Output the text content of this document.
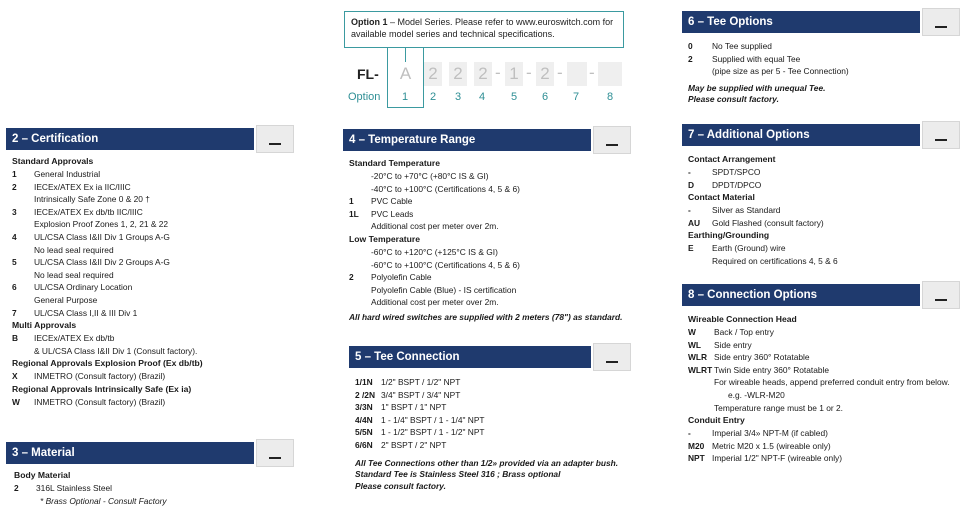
Option 1 – Model Series. Please refer to www.euroswitch.com for available model series and technical specifications.
FL-	A	2 2 2 - 1 - 2 - -
Option	1	2	3	4	5	6	7	8
2 – Certification
Standard Approvals
1 General Industrial
2 IECEx/ATEX Ex ia IIC/IIIC
Intrinsically Safe Zone 0 & 20 †
3 IECEx/ATEX Ex db/tb IIC/IIIC
Explosion Proof Zones 1, 2, 21 & 22
4 UL/CSA Class I&II Div 1 Groups A-G
No lead seal required
5 UL/CSA Class I&II Div 2 Groups A-G
No lead seal required
6 UL/CSA Ordinary Location
General Purpose
7 UL/CSA Class I,II & III Div 1
Multi Approvals
B IECEx/ATEX Ex db/tb
& UL/CSA Class I&II Div 1 (Consult factory).
Regional Approvals Explosion Proof (Ex db/tb)
X INMETRO (Consult factory) (Brazil)
Regional Approvals Intrinsically Safe (Ex ia)
W INMETRO (Consult factory) (Brazil)
3 – Material
Body Material
2 316L Stainless Steel
* Brass Optional - Consult Factory
4 – Temperature Range
Standard Temperature
-20°C to +70°C (+80°C IS & GI)
-40°C to +100°C (Certifications 4, 5 & 6)
1 PVC Cable
1L PVC Leads
Additional cost per meter over 2m.
Low Temperature
-60°C to +120°C (+125°C IS & GI)
-60°C to +100°C (Certifications 4, 5 & 6)
2 Polyolefin Cable
Polyolefin Cable (Blue) - IS certification
Additional cost per meter over 2m.
All hard wired switches are supplied with 2 meters (78") as standard.
5 – Tee Connection
1/1N 1/2" BSPT / 1/2" NPT
2 /2N 3/4" BSPT / 3/4" NPT
3/3N 1" BSPT / 1" NPT
4/4N 1 - 1/4" BSPT / 1 - 1/4" NPT
5/5N 1 - 1/2" BSPT / 1 - 1/2" NPT
6/6N 2" BSPT / 2" NPT
All Tee Connections other than 1/2» provided via an adapter bush.
Standard Tee is Stainless Steel 316 ; Brass optional
Please consult factory.
6 – Tee Options
0 No Tee supplied
2 Supplied with equal Tee
(pipe size as per 5 - Tee Connection)
May be supplied with unequal Tee.
Please consult factory.
7 – Additional Options
Contact Arrangement
-	SPDT/SPCO
D DPDT/DPCO
Contact Material
-	Silver as Standard
AU Gold Flashed (consult factory)
Earthing/Grounding
E Earth (Ground) wire
Required on certifications 4, 5 & 6
8 – Connection Options
Wireable Connection Head
W Back / Top entry
WL Side entry
WLR Side entry 360° Rotatable
WLRT Twin Side entry 360° Rotatable
For wireable heads, append preferred conduit entry from below.
e.g. -WLR-M20
Temperature range must be 1 or 2.
Conduit Entry
-	Imperial 3/4» NPT-M (if cabled)
M20 Metric M20 x 1.5 (wireable only)
NPT Imperial 1/2" NPT-F (wireable only)
